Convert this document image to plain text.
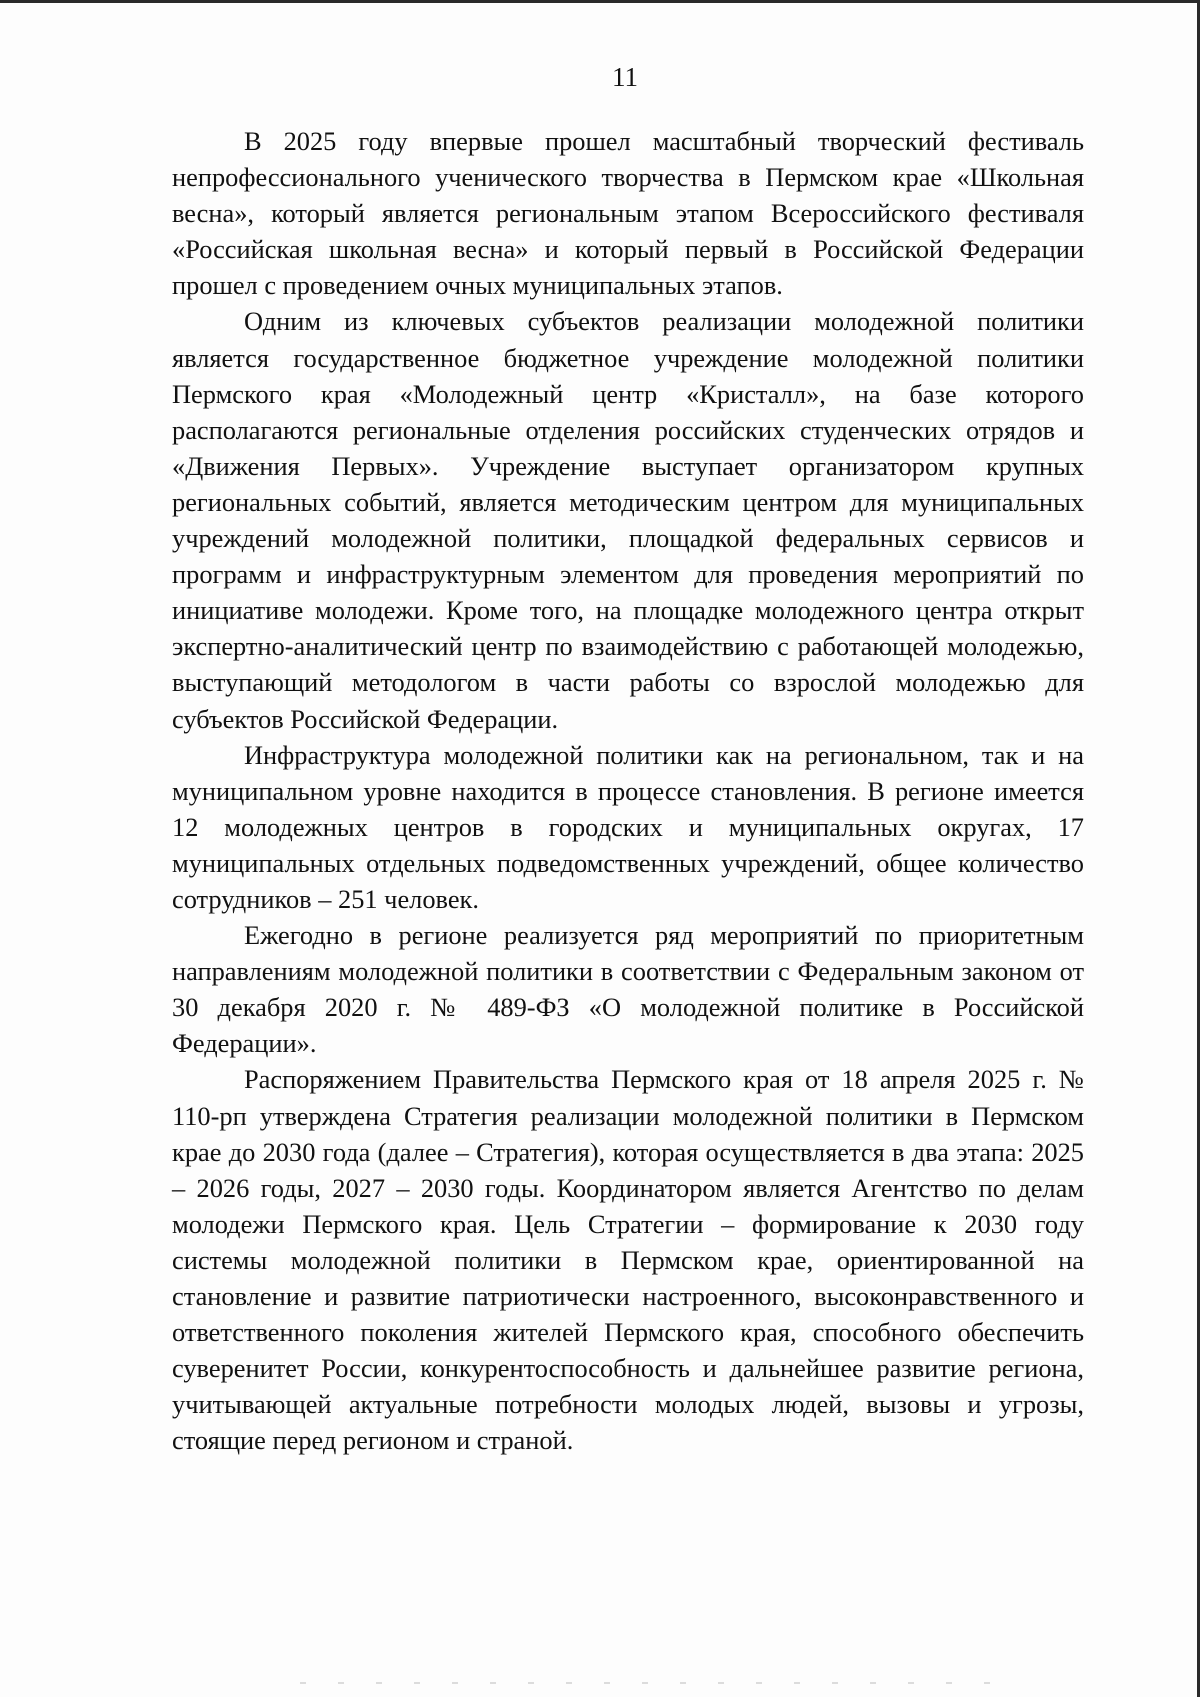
11

В 2025 году впервые прошел масштабный творческий фестиваль непрофессионального ученического творчества в Пермском крае «Школьная весна», который является региональным этапом Всероссийского фестиваля «Российская школьная весна» и который первый в Российской Федерации прошел с проведением очных муниципальных этапов.

Одним из ключевых субъектов реализации молодежной политики является государственное бюджетное учреждение молодежной политики Пермского края «Молодежный центр «Кристалл», на базе которого располагаются региональные отделения российских студенческих отрядов и «Движения Первых». Учреждение выступает организатором крупных региональных событий, является методическим центром для муниципальных учреждений молодежной политики, площадкой федеральных сервисов и программ и инфраструктурным элементом для проведения мероприятий по инициативе молодежи. Кроме того, на площадке молодежного центра открыт экспертно-аналитический центр по взаимодействию с работающей молодежью, выступающий методологом в части работы со взрослой молодежью для субъектов Российской Федерации.

Инфраструктура молодежной политики как на региональном, так и на муниципальном уровне находится в процессе становления. В регионе имеется 12 молодежных центров в городских и муниципальных округах, 17 муниципальных отдельных подведомственных учреждений, общее количество сотрудников – 251 человек.

Ежегодно в регионе реализуется ряд мероприятий по приоритетным направлениям молодежной политики в соответствии с Федеральным законом от 30 декабря 2020 г. № 489-ФЗ «О молодежной политике в Российской Федерации».

Распоряжением Правительства Пермского края от 18 апреля 2025 г. № 110-рп утверждена Стратегия реализации молодежной политики в Пермском крае до 2030 года (далее – Стратегия), которая осуществляется в два этапа: 2025 – 2026 годы, 2027 – 2030 годы. Координатором является Агентство по делам молодежи Пермского края. Цель Стратегии – формирование к 2030 году системы молодежной политики в Пермском крае, ориентированной на становление и развитие патриотически настроенного, высоконравственного и ответственного поколения жителей Пермского края, способного обеспечить суверенитет России, конкурентоспособность и дальнейшее развитие региона, учитывающей актуальные потребности молодых людей, вызовы и угрозы, стоящие перед регионом и страной.
